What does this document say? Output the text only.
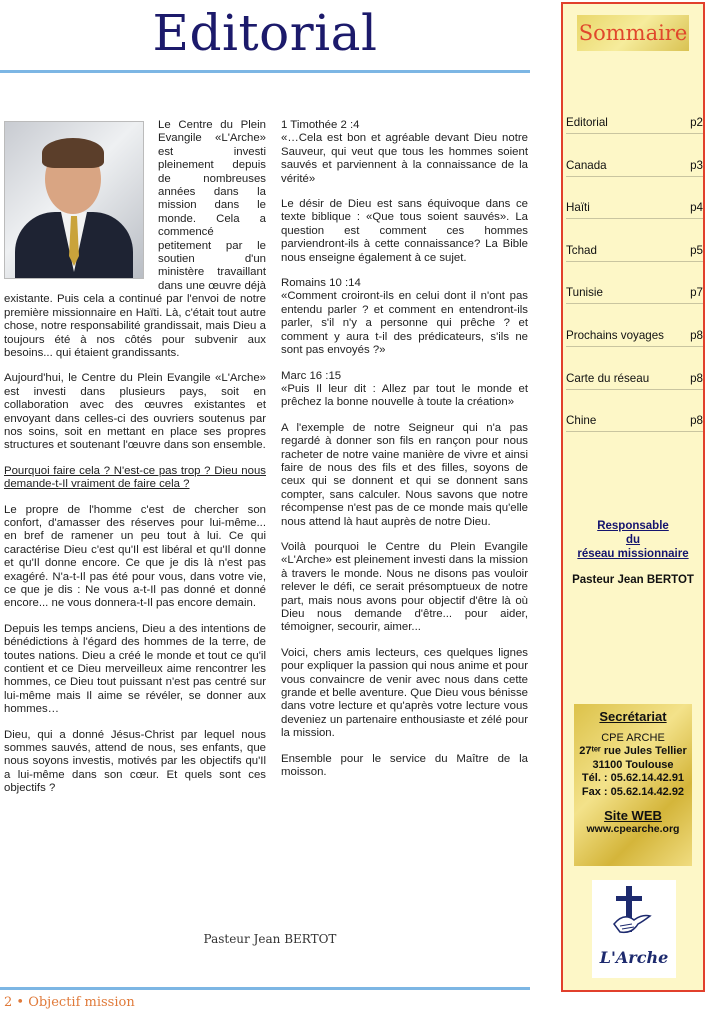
Editorial

Le Centre du Plein Evangile «L'Arche» est investi pleinement depuis de nombreuses années dans la mission dans le monde. Cela a commencé petitement par le soutien d'un ministère travaillant dans une œuvre déjà existante. Puis cela a continué par l'envoi de notre première missionnaire en Haïti. Là, c'était tout autre chose, notre responsabilité grandissait, mais Dieu a toujours été à nos côtés pour subvenir aux besoins... qui étaient grandissants.

Aujourd'hui, le Centre du Plein Evangile «L'Arche» est investi dans plusieurs pays, soit en collaboration avec des œuvres existantes et envoyant dans celles-ci des ouvriers soutenus par nos soins, soit en mettant en place ses propres structures et soutenant l'œuvre dans son ensemble.

Pourquoi faire cela ? N'est-ce pas trop ? Dieu nous demande-t-Il vraiment de faire cela ?

Le propre de l'homme c'est de chercher son confort, d'amasser des réserves pour lui-même... en bref de ramener un peu tout à lui. Ce qui caractérise Dieu c'est qu'Il est libéral et qu'Il donne et qu'Il donne encore. Ce que je dis là n'est pas exagéré. N'a-t-Il pas été pour vous, dans votre vie, ce que je dis : Ne vous a-t-Il pas donné et donné encore... ne vous donnera-t-Il pas encore demain.

Depuis les temps anciens, Dieu a des intentions de bénédictions à l'égard des hommes de la terre, de toutes nations. Dieu a créé le monde et tout ce qu'il contient et ce Dieu merveilleux aime rencontrer les hommes, ce Dieu tout puissant n'est pas centré sur lui-même mais Il aime se révéler, se donner aux hommes…

Dieu, qui a donné Jésus-Christ par lequel nous sommes sauvés, attend de nous, ses enfants, que nous soyons investis, motivés par les objectifs qu'Il a lui-même dans son cœur. Et quels sont ces objectifs ?

1 Timothée 2 :4
«…Cela est bon et agréable devant Dieu notre Sauveur, qui veut que tous les hommes soient sauvés et parviennent à la connaissance de la vérité»

Le désir de Dieu est sans équivoque dans ce texte biblique : «Que tous soient sauvés». La question est comment ces hommes parviendront-ils à cette connaissance? La Bible nous enseigne également à ce sujet.

Romains 10 :14
«Comment croiront-ils en celui dont il n'ont pas entendu parler ? et comment en entendront-ils parler, s'il n'y a personne qui prêche ? et comment y aura t-il des prédicateurs, s'ils ne sont pas envoyés ?»

Marc 16 :15
«Puis Il leur dit : Allez par tout le monde et prêchez la bonne nouvelle à toute la création»

A l'exemple de notre Seigneur qui n'a pas regardé à donner son fils en rançon pour nous racheter de notre vaine manière de vivre et ainsi faire de nous des fils et des filles, soyons de ceux qui se donnent et qui se donnent sans compter, sans calculer. Nous savons que notre récompense n'est pas de ce monde mais qu'elle nous attend là haut auprès de notre Dieu.

Voilà pourquoi le Centre du Plein Evangile «L'Arche» est pleinement investi dans la mission à travers le monde. Nous ne disons pas vouloir relever le défi, ce serait présomptueux de notre part, mais nous avons pour objectif d'être là où Dieu nous demande d'être... pour aider, témoigner, secourir, aimer...

Voici, chers amis lecteurs, ces quelques lignes pour expliquer la passion qui nous anime et pour vous convaincre de venir avec nous dans cette grande et belle aventure. Que Dieu vous bénisse dans votre lecture et qu'après votre lecture vous deveniez un partenaire enthousiaste et zélé pour la mission.

Ensemble pour le service du Maître de la moisson.

Pasteur Jean BERTOT
2 • Objectif mission
Sommaire
Editorial	p2
Canada	p3
Haïti	p4
Tchad	p5
Tunisie	p7
Prochains voyages p8
Carte du réseau	p8
Chine	p8
Responsable
du
réseau missionnaire
Pasteur Jean BERTOT
Secrétariat
CPE ARCHE
27ᵗᵉʳ rue Jules Tellier
31100 Toulouse
Tél. : 05.62.14.42.91
Fax : 05.62.14.42.92
Site WEB
www.cpearche.org
L'Arche
